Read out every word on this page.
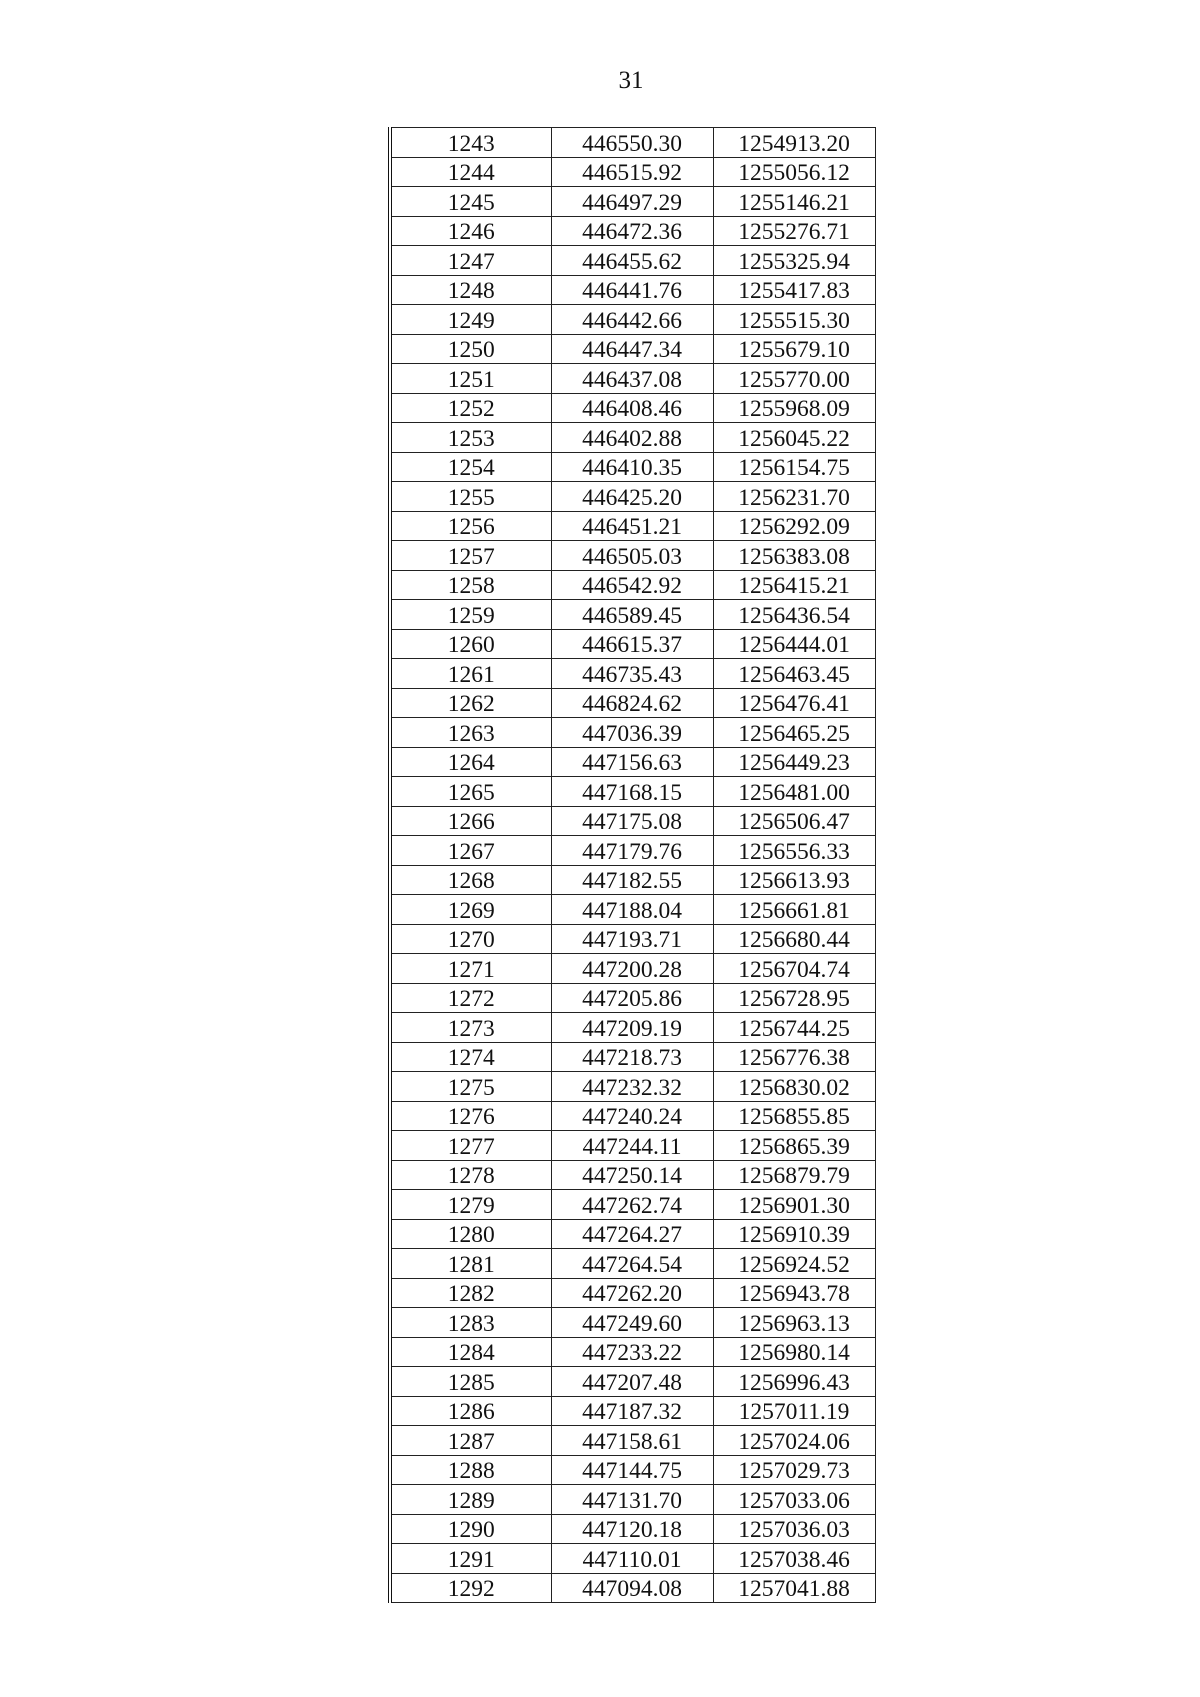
31
1243	446550.30	1254913.20
1244	446515.92	1255056.12
1245	446497.29	1255146.21
1246	446472.36	1255276.71
1247	446455.62	1255325.94
1248	446441.76	1255417.83
1249	446442.66	1255515.30
1250	446447.34	1255679.10
1251	446437.08	1255770.00
1252	446408.46	1255968.09
1253	446402.88	1256045.22
1254	446410.35	1256154.75
1255	446425.20	1256231.70
1256	446451.21	1256292.09
1257	446505.03	1256383.08
1258	446542.92	1256415.21
1259	446589.45	1256436.54
1260	446615.37	1256444.01
1261	446735.43	1256463.45
1262	446824.62	1256476.41
1263	447036.39	1256465.25
1264	447156.63	1256449.23
1265	447168.15	1256481.00
1266	447175.08	1256506.47
1267	447179.76	1256556.33
1268	447182.55	1256613.93
1269	447188.04	1256661.81
1270	447193.71	1256680.44
1271	447200.28	1256704.74
1272	447205.86	1256728.95
1273	447209.19	1256744.25
1274	447218.73	1256776.38
1275	447232.32	1256830.02
1276	447240.24	1256855.85
1277	447244.11	1256865.39
1278	447250.14	1256879.79
1279	447262.74	1256901.30
1280	447264.27	1256910.39
1281	447264.54	1256924.52
1282	447262.20	1256943.78
1283	447249.60	1256963.13
1284	447233.22	1256980.14
1285	447207.48	1256996.43
1286	447187.32	1257011.19
1287	447158.61	1257024.06
1288	447144.75	1257029.73
1289	447131.70	1257033.06
1290	447120.18	1257036.03
1291	447110.01	1257038.46
1292	447094.08	1257041.88
